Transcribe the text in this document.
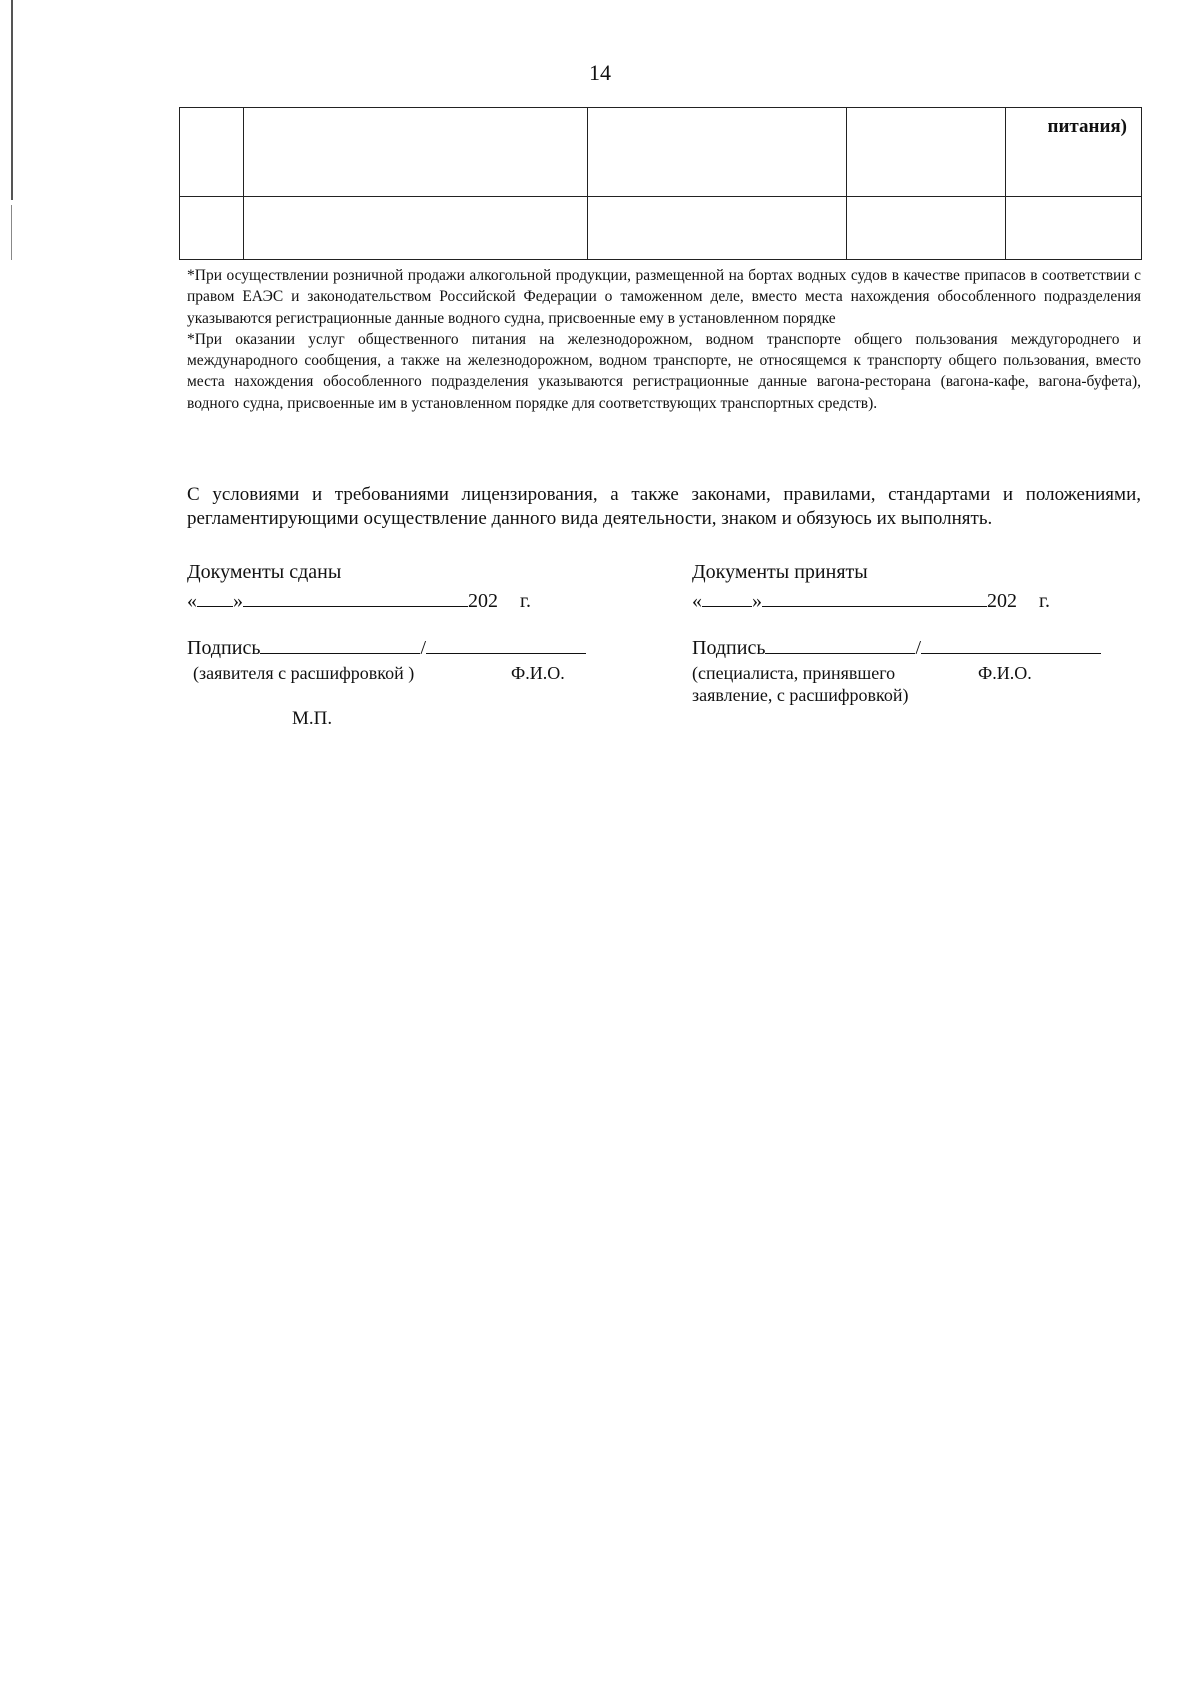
14

				питания)

*При осуществлении розничной продажи алкогольной продукции, размещенной на бортах водных судов в качестве припасов в соответствии с правом ЕАЭС и законодательством Российской Федерации о таможенном деле, вместо места нахождения обособленного подразделения указываются регистрационные данные водного судна, присвоенные ему в установленном порядке

*При оказании услуг общественного питания на железнодорожном, водном транспорте общего пользования междугороднего и международного сообщения, а также на железнодорожном, водном транспорте, не относящемся к транспорту общего пользования, вместо места нахождения обособленного подразделения указываются регистрационные данные вагона-ресторана (вагона-кафе, вагона-буфета), водного судна, присвоенные им в установленном порядке для соответствующих транспортных средств).

С условиями и требованиями лицензирования, а также законами, правилами, стандартами и положениями, регламентирующими осуществление данного вида деятельности, знаком и обязуюсь их выполнять.
Документы сданы
« »	202 г.
Подпись	/
(заявителя с расшифровкой )	Ф.И.О.
М.П.
Документы приняты
«	»	202 г.
Подпись	/
(специалиста, принявшего	Ф.И.О.
заявление, с расшифровкой)
